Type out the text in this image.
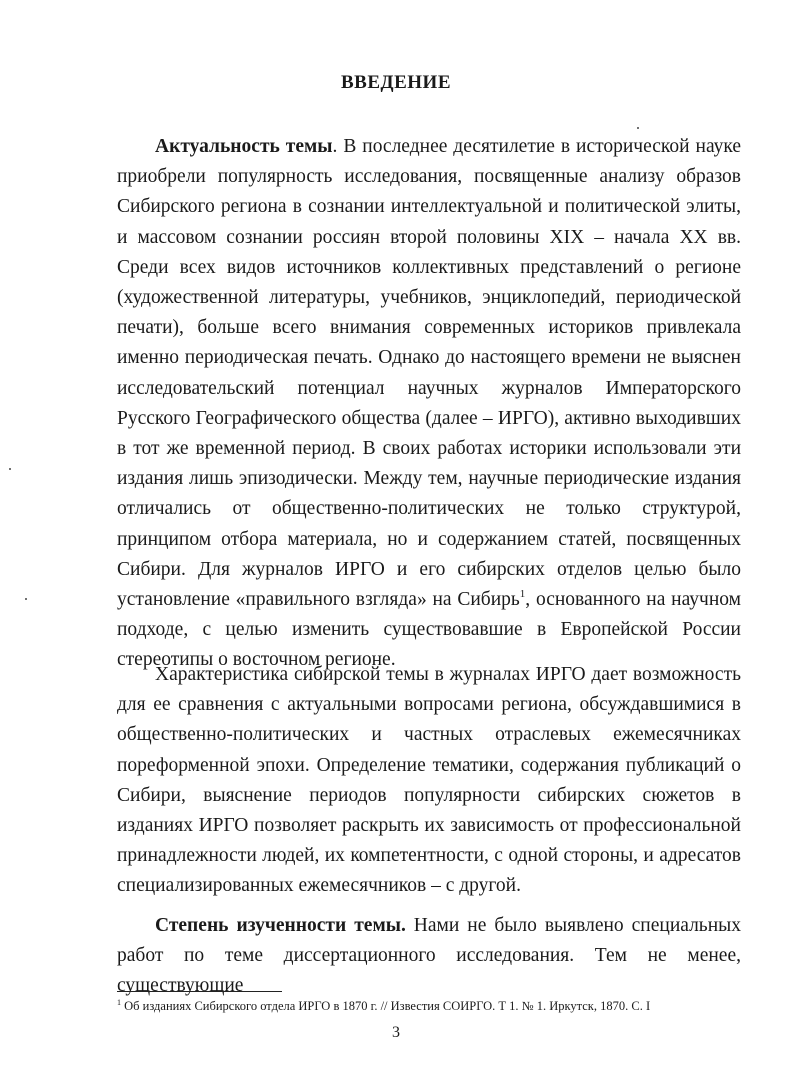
ВВЕДЕНИЕ

Актуальность темы. В последнее десятилетие в исторической науке приобрели популярность исследования, посвященные анализу образов Сибирского региона в сознании интеллектуальной и политической элиты, и массовом сознании россиян второй половины XIX – начала XX вв. Среди всех видов источников коллективных представлений о регионе (художественной литературы, учебников, энциклопедий, периодической печати), больше всего внимания современных историков привлекала именно периодическая печать. Однако до настоящего времени не выяснен исследовательский потенциал научных журналов Императорского Русского Географического общества (далее – ИРГО), активно выходивших в тот же временной период. В своих работах историки использовали эти издания лишь эпизодически. Между тем, научные периодические издания отличались от общественно-политических не только структурой, принципом отбора материала, но и содержанием статей, посвященных Сибири. Для журналов ИРГО и его сибирских отделов целью было установление «правильного взгляда» на Сибирь$^1$, основанного на научном подходе, с целью изменить существовавшие в Европейской России стереотипы о восточном регионе.

Характеристика сибирской темы в журналах ИРГО дает возможность для ее сравнения с актуальными вопросами региона, обсуждавшимися в общественно-политических и частных отраслевых ежемесячниках пореформенной эпохи. Определение тематики, содержания публикаций о Сибири, выяснение периодов популярности сибирских сюжетов в изданиях ИРГО позволяет раскрыть их зависимость от профессиональной принадлежности людей, их компетентности, с одной стороны, и адресатов специализированных ежемесячников – с другой.

Степень изученности темы. Нами не было выявлено специальных работ по теме диссертационного исследования. Тем не менее, существующие

$^1$ Об изданиях Сибирского отдела ИРГО в 1870 г. // Известия СОИРГО. Т 1. № 1. Иркутск, 1870. С. I
3
